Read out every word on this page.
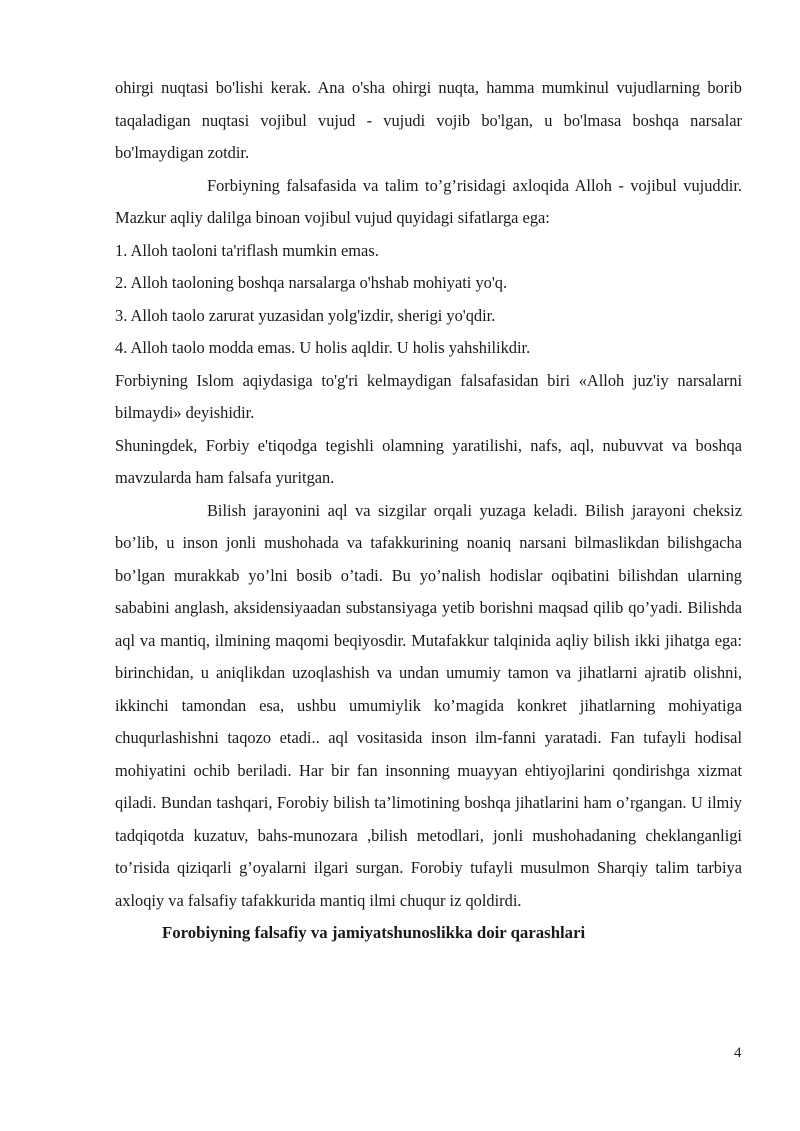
ohirgi nuqtasi bo'lishi kerak. Ana o'sha ohirgi nuqta, hamma mumkinul vujudlarning borib taqaladigan nuqtasi vojibul vujud - vujudi vojib bo'lgan, u bo'lmasa boshqa narsalar bo'lmaydigan zotdir.

Forbiyning falsafasida va talim to’g’risidagi axloqida Alloh - vojibul vujuddir. Mazkur aqliy dalilga binoan vojibul vujud quyidagi sifatlarga ega:

1. Alloh taoloni ta'riflash mumkin emas.

2. Alloh taoloning boshqa narsalarga o'hshab mohiyati yo'q.

3. Alloh taolo zarurat yuzasidan yolg'izdir, sherigi yo'qdir.

4. Alloh taolo modda emas. U holis aqldir. U holis yahshilikdir.

Forbiyning Islom aqiydasiga to'g'ri kelmaydigan falsafasidan biri «Alloh juz'iy narsalarni bilmaydi» deyishidir.

Shuningdek, Forbiy e'tiqodga tegishli olamning yaratilishi, nafs, aql, nubuvvat va boshqa mavzularda ham falsafa yuritgan.

Bilish jarayonini aql va sizgilar orqali yuzaga keladi. Bilish jarayoni cheksiz bo’lib, u inson jonli mushohada va tafakkurining noaniq narsani bilmaslikdan bilishgacha bo’lgan murakkab yo’lni bosib o’tadi. Bu yo’nalish hodislar oqibatini bilishdan ularning sababini anglash, aksidensiyaadan substansiyaga yetib borishni maqsad qilib qo’yadi. Bilishda aql va mantiq, ilmining maqomi beqiyosdir. Mutafakkur talqinida aqliy bilish ikki jihatga ega: birinchidan, u aniqlikdan uzoqlashish va undan umumiy tamon va jihatlarni ajratib olishni, ikkinchi tamondan esa, ushbu umumiylik ko’magida konkret jihatlarning mohiyatiga chuqurlashishni taqozo etadi.. aql vositasida inson ilm-fanni yaratadi. Fan tufayli hodisal mohiyatini ochib beriladi. Har bir fan insonning muayyan ehtiyojlarini qondirishga xizmat qiladi. Bundan tashqari, Forobiy bilish ta’limotining boshqa jihatlarini ham o’rgangan. U ilmiy tadqiqotda kuzatuv, bahs-munozara ,bilish metodlari, jonli mushohadaning cheklanganligi to’risida qiziqarli g’oyalarni ilgari surgan. Forobiy tufayli musulmon Sharqiy talim tarbiya axloqiy va falsafiy tafakkurida mantiq ilmi chuqur iz qoldirdi.

Forobiyning falsafiy va jamiyatshunoslikka doir qarashlari

4
